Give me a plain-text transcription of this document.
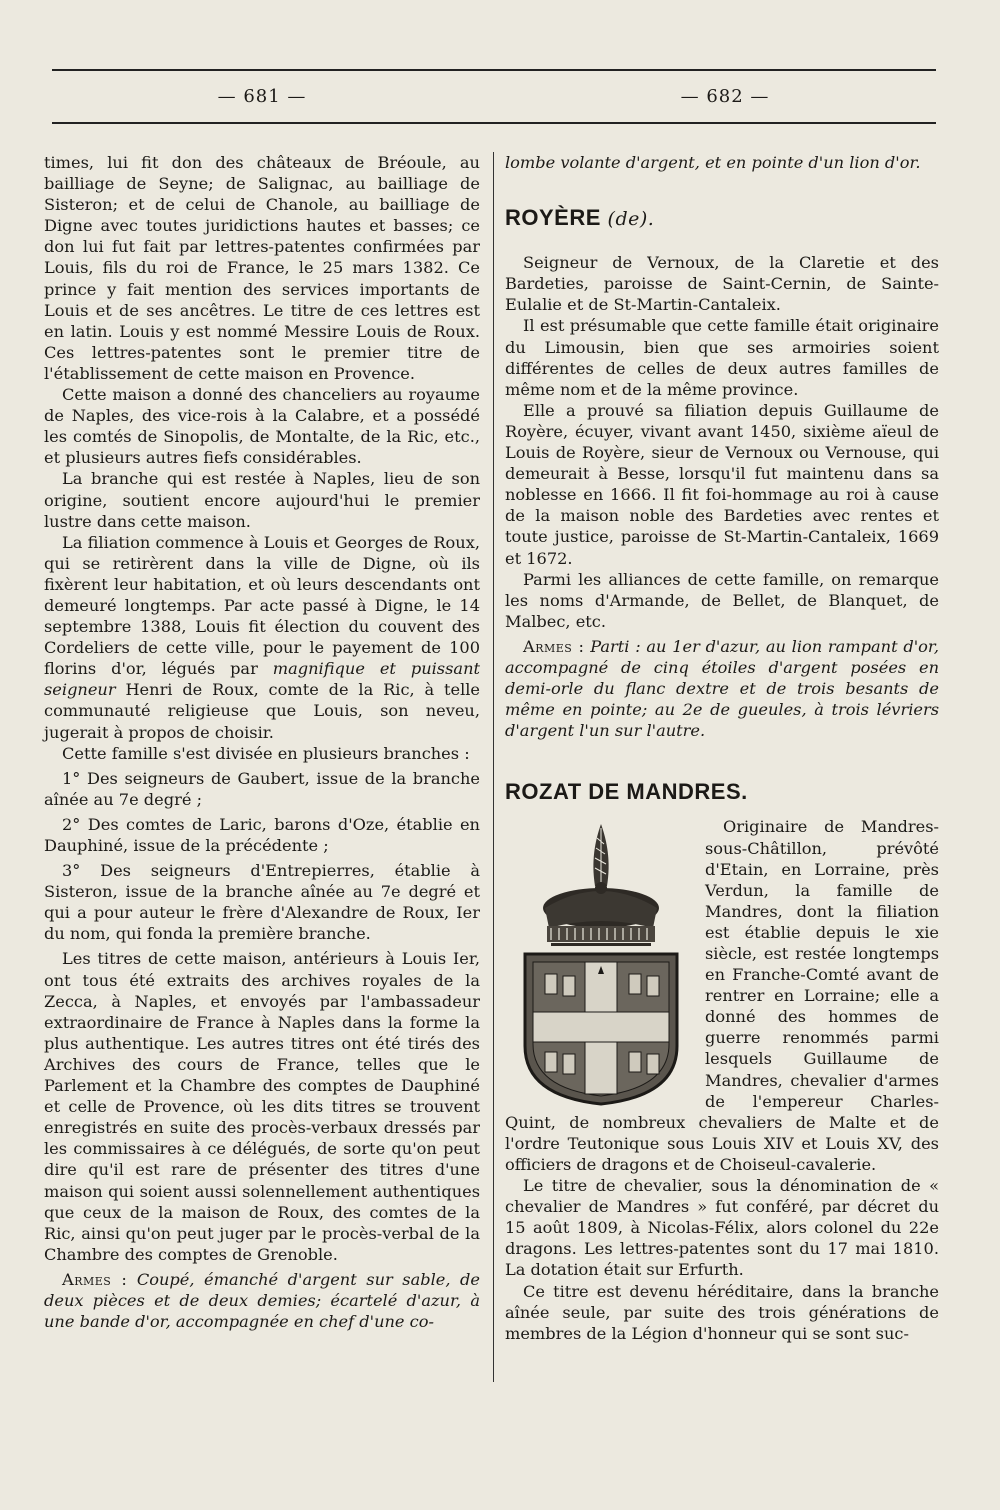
— 681 —	— 682 —

times, lui fit don des châteaux de Bréoule, au bailliage de Seyne; de Salignac, au bailliage de Sisteron; et de celui de Chanole, au bailliage de Digne avec toutes juridictions hautes et basses; ce don lui fut fait par lettres-patentes confirmées par Louis, fils du roi de France, le 25 mars 1382. Ce prince y fait mention des services importants de Louis et de ses ancêtres. Le titre de ces lettres est en latin. Louis y est nommé Messire Louis de Roux. Ces lettres-patentes sont le premier titre de l'établissement de cette maison en Provence.

Cette maison a donné des chanceliers au royaume de Naples, des vice-rois à la Calabre, et a possédé les comtés de Sinopolis, de Montalte, de la Ric, etc., et plusieurs autres fiefs considérables.

La branche qui est restée à Naples, lieu de son origine, soutient encore aujourd'hui le premier lustre dans cette maison.

La filiation commence à Louis et Georges de Roux, qui se retirèrent dans la ville de Digne, où ils fixèrent leur habitation, et où leurs descendants ont demeuré longtemps. Par acte passé à Digne, le 14 septembre 1388, Louis fit élection du couvent des Cordeliers de cette ville, pour le payement de 100 florins d'or, légués par magnifique et puissant seigneur Henri de Roux, comte de la Ric, à telle communauté religieuse que Louis, son neveu, jugerait à propos de choisir.

Cette famille s'est divisée en plusieurs branches :

1° Des seigneurs de Gaubert, issue de la branche aînée au 7e degré ;

2° Des comtes de Laric, barons d'Oze, établie en Dauphiné, issue de la précédente ;

3° Des seigneurs d'Entrepierres, établie à Sisteron, issue de la branche aînée au 7e degré et qui a pour auteur le frère d'Alexandre de Roux, Ier du nom, qui fonda la première branche.

Les titres de cette maison, antérieurs à Louis Ier, ont tous été extraits des archives royales de la Zecca, à Naples, et envoyés par l'ambassadeur extraordinaire de France à Naples dans la forme la plus authentique. Les autres titres ont été tirés des Archives des cours de France, telles que le Parlement et la Chambre des comptes de Dauphiné et celle de Provence, où les dits titres se trouvent enregistrés en suite des procès-verbaux dressés par les commissaires à ce délégués, de sorte qu'on peut dire qu'il est rare de présenter des titres d'une maison qui soient aussi solennellement authentiques que ceux de la maison de Roux, des comtes de la Ric, ainsi qu'on peut juger par le procès-verbal de la Chambre des comptes de Grenoble.

Armes : Coupé, émanché d'argent sur sable, de deux pièces et de deux demies; écartelé d'azur, à une bande d'or, accompagnée en chef d'une co-

lombe volante d'argent, et en pointe d'un lion d'or.

ROYÈRE (de).

Seigneur de Vernoux, de la Claretie et des Bardeties, paroisse de Saint-Cernin, de Sainte-Eulalie et de St-Martin-Cantaleix.

Il est présumable que cette famille était originaire du Limousin, bien que ses armoiries soient différentes de celles de deux autres familles de même nom et de la même province.

Elle a prouvé sa filiation depuis Guillaume de Royère, écuyer, vivant avant 1450, sixième aïeul de Louis de Royère, sieur de Vernoux ou Vernouse, qui demeurait à Besse, lorsqu'il fut maintenu dans sa noblesse en 1666. Il fit foi-hommage au roi à cause de la maison noble des Bardeties avec rentes et toute justice, paroisse de St-Martin-Cantaleix, 1669 et 1672.

Parmi les alliances de cette famille, on remarque les noms d'Armande, de Bellet, de Blanquet, de Malbec, etc.

Armes : Parti : au 1er d'azur, au lion rampant d'or, accompagné de cinq étoiles d'argent posées en demi-orle du flanc dextre et de trois besants de même en pointe; au 2e de gueules, à trois lévriers d'argent l'un sur l'autre.

ROZAT DE MANDRES.

Originaire de Mandres-sous-Châtillon, prévôté d'Etain, en Lorraine, près Verdun, la famille de Mandres, dont la filiation est établie depuis le xie siècle, est restée longtemps en Franche-Comté avant de rentrer en Lorraine; elle a donné des hommes de guerre renommés parmi lesquels Guillaume de Mandres, chevalier d'armes de l'empereur Charles-Quint, de nombreux chevaliers de Malte et de l'ordre Teutonique sous Louis XIV et Louis XV, des officiers de dragons et de Choiseul-cavalerie.

Le titre de chevalier, sous la dénomination de « chevalier de Mandres » fut conféré, par décret du 15 août 1809, à Nicolas-Félix, alors colonel du 22e dragons. Les lettres-patentes sont du 17 mai 1810. La dotation était sur Erfurth.

Ce titre est devenu héréditaire, dans la branche aînée seule, par suite des trois générations de membres de la Légion d'honneur qui se sont suc-
